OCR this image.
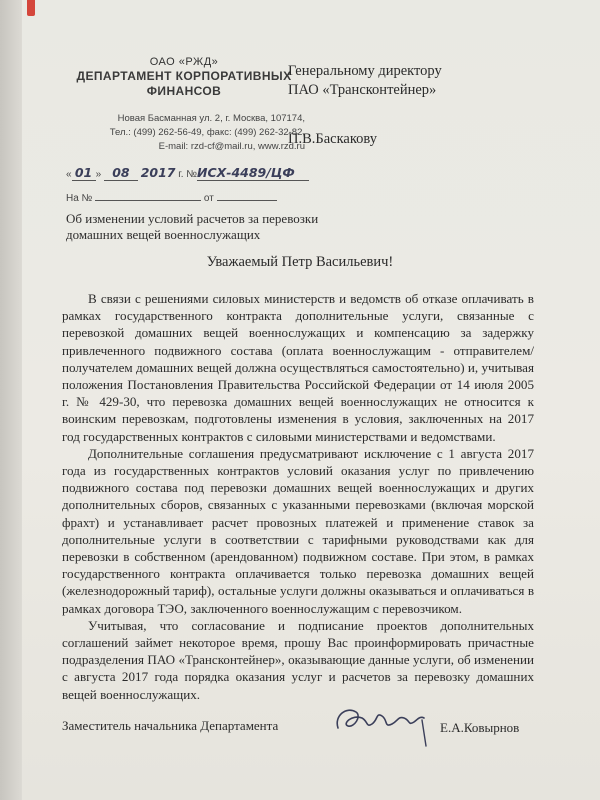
ОАО «РЖД»
ДЕПАРТАМЕНТ КОРПОРАТИВНЫХ
ФИНАНСОВ
Новая Басманная ул. 2, г. Москва, 107174,
Тел.: (499) 262-56-49, факс: (499) 262-32-82,
E-mail: rzd-cf@mail.ru, www.rzd.ru
Генеральному директору
ПАО «Трансконтейнер»
П.В.Баскакову
« 01 » 08 2017 г. №ИСХ-4489/ЦФ
На №	от
Об изменении условий расчетов за перевозки
домашних вещей военнослужащих
Уважаемый Петр Васильевич!

В связи с решениями силовых министерств и ведомств об отказе оплачивать в рамках государственного контракта дополнительные услуги, связанные с перевозкой домашних вещей военнослужащих и компенсацию за задержку привлеченного подвижного состава (оплата военнослужащим - отправителем/получателем домашних вещей должна осуществляться самостоятельно) и, учитывая положения Постановления Правительства Российской Федерации от 14 июля 2005 г. № 429-30, что перевозка домашних вещей военнослужащих не относится к воинским перевозкам, подготовлены изменения в условия, заключенных на 2017 год государственных контрактов с силовыми министерствами и ведомствами.

Дополнительные соглашения предусматривают исключение с 1 августа 2017 года из государственных контрактов условий оказания услуг по привлечению подвижного состава под перевозки домашних вещей военнослужащих и других дополнительных сборов, связанных с указанными перевозками (включая морской фрахт) и устанавливает расчет провозных платежей и применение ставок за дополнительные услуги в соответствии с тарифными руководствами как для перевозки в собственном (арендованном) подвижном составе. При этом, в рамках государственного контракта оплачивается только перевозка домашних вещей (железнодорожный тариф), остальные услуги должны оказываться и оплачиваться в рамках договора ТЭО, заключенного военнослужащим с перевозчиком.

Учитывая, что согласование и подписание проектов дополнительных соглашений займет некоторое время, прошу Вас проинформировать причастные подразделения ПАО «Трансконтейнер», оказывающие данные услуги, об изменении с августа 2017 года порядка оказания услуг и расчетов за перевозку домашних вещей военнослужащих.

Заместитель начальника Департамента	Е.А.Ковырнов
